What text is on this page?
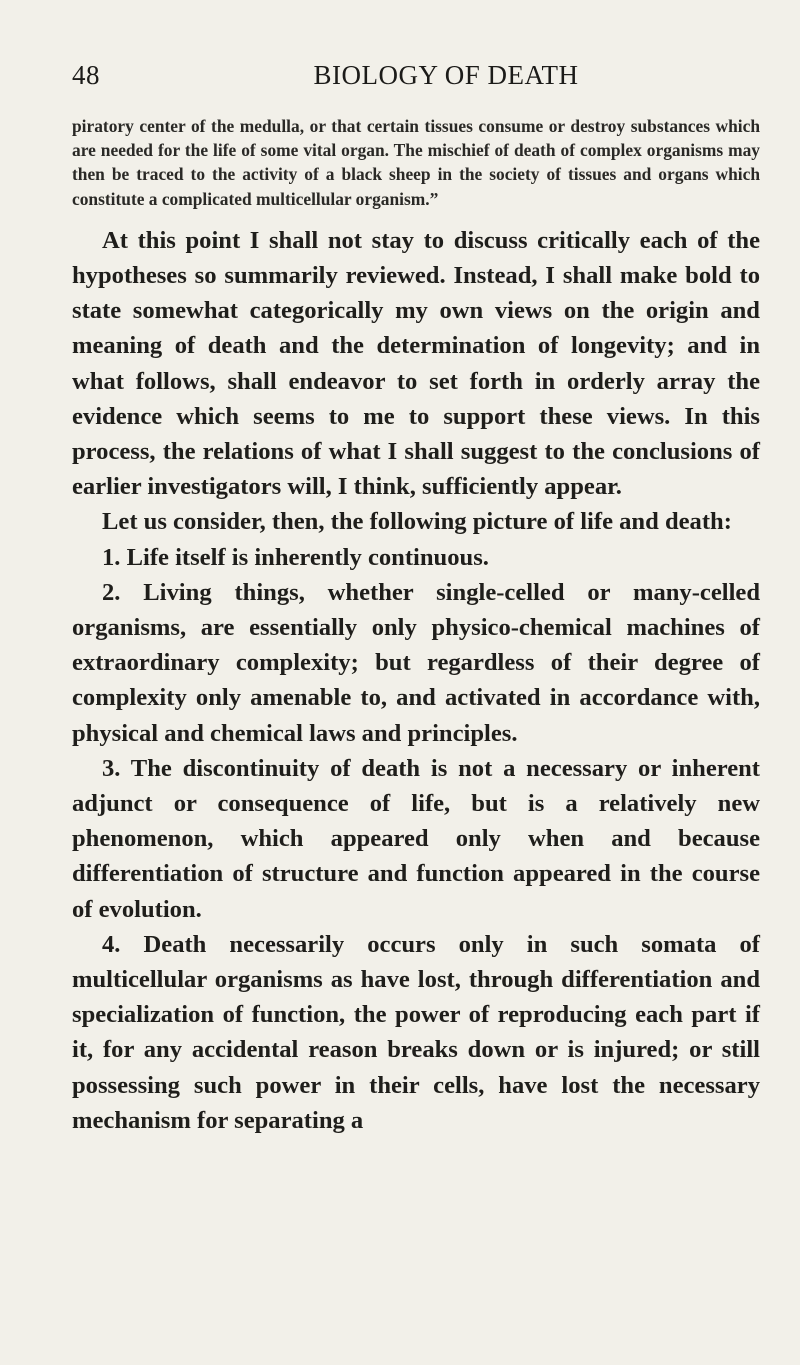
48	BIOLOGY OF DEATH

piratory center of the medulla, or that certain tissues consume or destroy substances which are needed for the life of some vital organ. The mischief of death of complex organisms may then be traced to the activity of a black sheep in the society of tissues and organs which constitute a complicated multicellular organism.”

At this point I shall not stay to discuss critically each of the hypotheses so summarily reviewed. Instead, I shall make bold to state somewhat categorically my own views on the origin and meaning of death and the determination of longevity; and in what follows, shall endeavor to set forth in orderly array the evidence which seems to me to support these views. In this process, the relations of what I shall suggest to the conclusions of earlier investigators will, I think, sufficiently appear.

Let us consider, then, the following picture of life and death:

1. Life itself is inherently continuous.

2. Living things, whether single-celled or many-celled organisms, are essentially only physico-chemical machines of extraordinary complexity; but regardless of their degree of complexity only amenable to, and activated in accordance with, physical and chemical laws and principles.

3. The discontinuity of death is not a necessary or inherent adjunct or consequence of life, but is a relatively new phenomenon, which appeared only when and because differentiation of structure and function appeared in the course of evolution.

4. Death necessarily occurs only in such somata of multicellular organisms as have lost, through differentiation and specialization of function, the power of reproducing each part if it, for any accidental reason breaks down or is injured; or still possessing such power in their cells, have lost the necessary mechanism for separating a
